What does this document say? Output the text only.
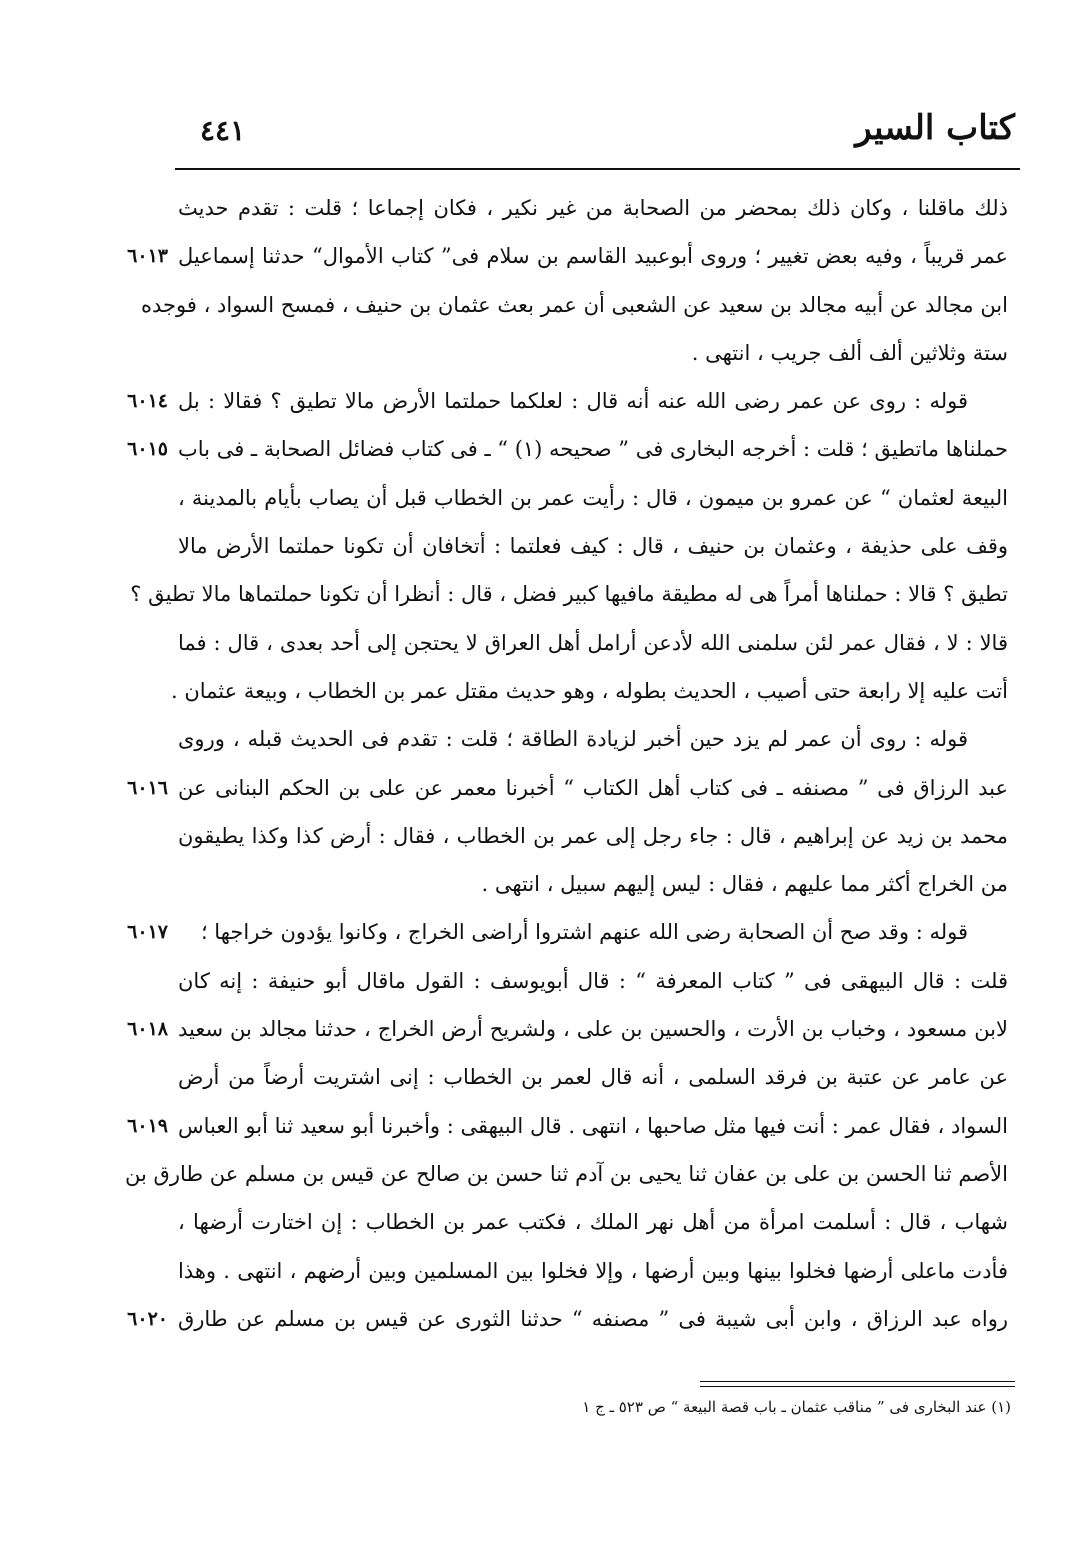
كتاب السير
٤٤١
ذلك ماقلنا ، وكان ذلك بمحضر من الصحابة من غير نكير ، فكان إجماعا ؛ قلت : تقدم حديث
عمر قريباً ، وفيه بعض تغيير ؛ وروى أبوعبيد القاسم بن سلام فى” كتاب الأموال“ حدثنا إسماعيل
٦٠١٣
ابن مجالد عن أبيه مجالد بن سعيد عن الشعبى أن عمر بعث عثمان بن حنيف ، فمسح السواد ، فوجده
ستة وثلاثين ألف ألف جريب ، انتهى .
قوله : روى عن عمر رضى الله عنه أنه قال : لعلكما حملتما الأرض مالا تطيق ؟ فقالا : بل
٦٠١٤
حملناها ماتطيق ؛ قلت : أخرجه البخارى فى ” صحيحه (١) “ ـ فى كتاب فضائل الصحابة ـ فى باب
٦٠١٥
البيعة لعثمان “ عن عمرو بن ميمون ، قال : رأيت عمر بن الخطاب قبل أن يصاب بأيام بالمدينة ،
وقف على حذيفة ، وعثمان بن حنيف ، قال : كيف فعلتما : أتخافان أن تكونا حملتما الأرض مالا
تطيق ؟ قالا : حملناها أمراً هى له مطيقة مافيها كبير فضل ، قال : أنظرا أن تكونا حملتماها مالا تطيق ؟
قالا : لا ، فقال عمر لئن سلمنى الله لأدعن أرامل أهل العراق لا يحتجن إلى أحد بعدى ، قال : فما
أتت عليه إلا رابعة حتى أصيب ، الحديث بطوله ، وهو حديث مقتل عمر بن الخطاب ، وبيعة عثمان .
قوله : روى أن عمر لم يزد حين أخبر لزيادة الطاقة ؛ قلت : تقدم فى الحديث قبله ، وروى
عبد الرزاق فى ” مصنفه ـ فى كتاب أهل الكتاب “ أخبرنا معمر عن على بن الحكم البنانى عن
٦٠١٦
محمد بن زيد عن إبراهيم ، قال : جاء رجل إلى عمر بن الخطاب ، فقال : أرض كذا وكذا يطيقون
من الخراج أكثر مما عليهم ، فقال : ليس إليهم سبيل ، انتهى .
قوله : وقد صح أن الصحابة رضى الله عنهم اشتروا أراضى الخراج ، وكانوا يؤدون خراجها ؛
٦٠١٧
قلت : قال البيهقى فى ” كتاب المعرفة “ : قال أبويوسف : القول ماقال أبو حنيفة : إنه كان
لابن مسعود ، وخباب بن الأرت ، والحسين بن على ، ولشريح أرض الخراج ، حدثنا مجالد بن سعيد
٦٠١٨
عن عامر عن عتبة بن فرقد السلمى ، أنه قال لعمر بن الخطاب : إنى اشتريت أرضاً من أرض
السواد ، فقال عمر : أنت فيها مثل صاحبها ، انتهى . قال البيهقى : وأخبرنا أبو سعيد ثنا أبو العباس
٦٠١٩
الأصم ثنا الحسن بن على بن عفان ثنا يحيى بن آدم ثنا حسن بن صالح عن قيس بن مسلم عن طارق بن
شهاب ، قال : أسلمت امرأة من أهل نهر الملك ، فكتب عمر بن الخطاب : إن اختارت أرضها ،
فأدت ماعلى أرضها فخلوا بينها وبين أرضها ، وإلا فخلوا بين المسلمين وبين أرضهم ، انتهى . وهذا
رواه عبد الرزاق ، وابن أبى شيبة فى ” مصنفه “ حدثنا الثورى عن قيس بن مسلم عن طارق
٦٠٢٠
(١) عند البخارى فى ” مناقب عثمان ـ باب قصة البيعة “ ص ٥٢٣ ـ ج ١
